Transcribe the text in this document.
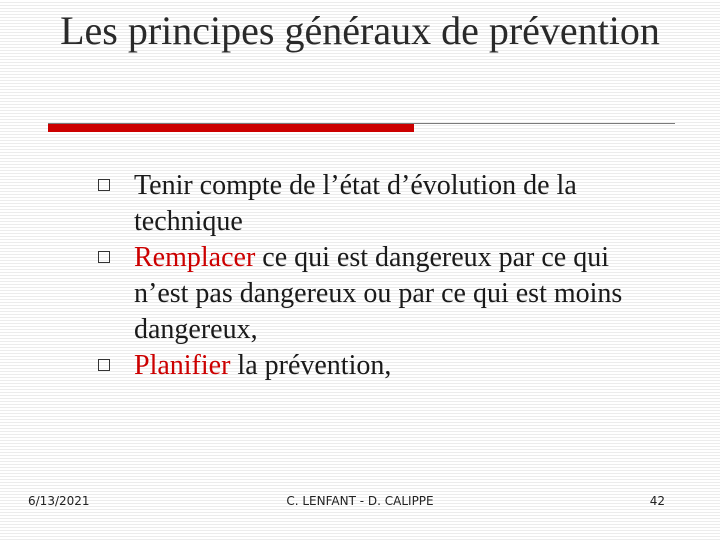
Les principes généraux de prévention
Tenir compte de l’état d’évolution de la technique
Remplacer ce qui est dangereux par ce qui n’est pas dangereux ou par ce qui est moins dangereux,
Planifier la prévention,
6/13/2021	C. LENFANT - D. CALIPPE	42
